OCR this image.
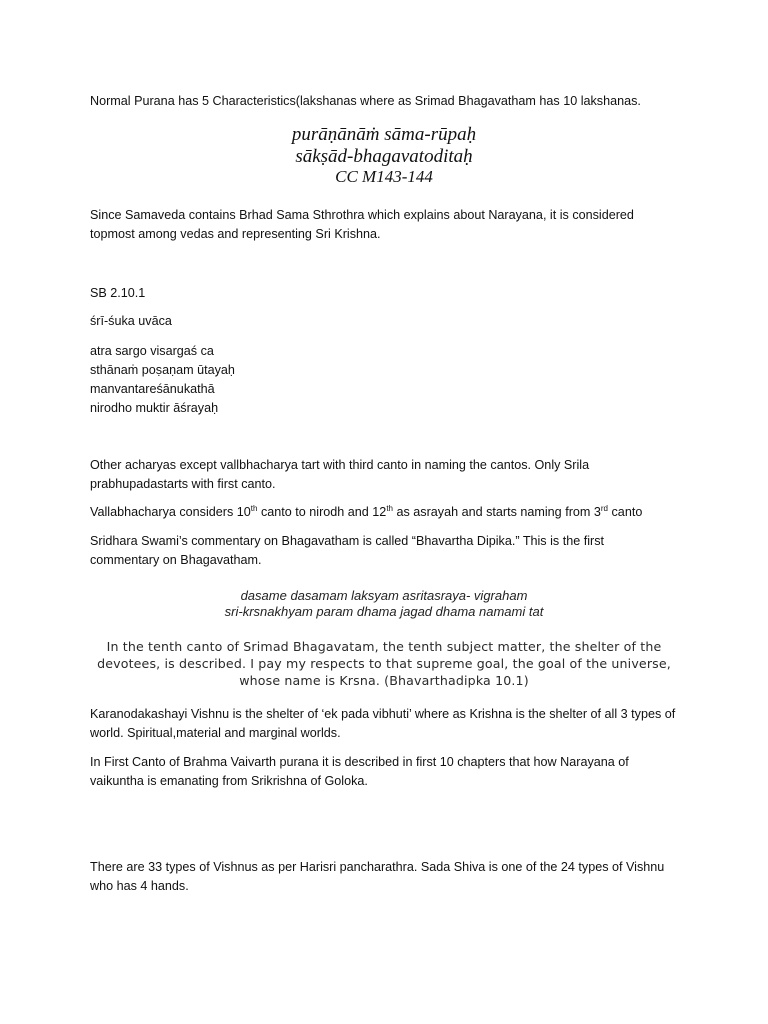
Normal Purana has 5 Characteristics(lakshanas where as Srimad Bhagavatham has 10 lakshanas.
purāṇānāṁ sāma-rūpaḥ
sākṣād-bhagavatoditaḥ
CC M143-144
Since Samaveda contains Brhad Sama Sthrothra which explains about Narayana, it is considered
topmost among vedas and representing Sri Krishna.
SB 2.10.1
śrī-śuka uvāca
atra sargo visargaś ca
sthānaṁ poṣaṇam ūtayaḥ
manvantareśānukathā
nirodho muktir āśrayaḥ
Other acharyas except vallbhacharya tart with third canto in naming the cantos. Only Srila
prabhupadastarts with first canto.
Vallabhacharya considers 10th canto to nirodh and 12th as asrayah and starts naming from 3rd canto
Sridhara Swami’s commentary on Bhagavatham is called “Bhavartha Dipika.” This is the first
commentary on Bhagavatham.
dasame dasamam laksyam asritasraya- vigraham
sri-krsnakhyam param dhama jagad dhama namami tat
In the tenth canto of Srimad Bhagavatam, the tenth subject matter, the shelter of the
devotees, is described. I pay my respects to that supreme goal, the goal of the universe,
whose name is Krsna. (Bhavarthadipka 10.1)
Karanodakashayi Vishnu is the shelter of ‘ek pada vibhuti’ where as Krishna is the shelter of all 3 types of
world. Spiritual,material and marginal worlds.
In First Canto of Brahma Vaivarth purana it is described in first 10 chapters that how Narayana of
vaikuntha is emanating from Srikrishna of Goloka.
There are 33 types of Vishnus as per Harisri pancharathra. Sada Shiva is one of the 24 types of Vishnu
who has 4 hands.
